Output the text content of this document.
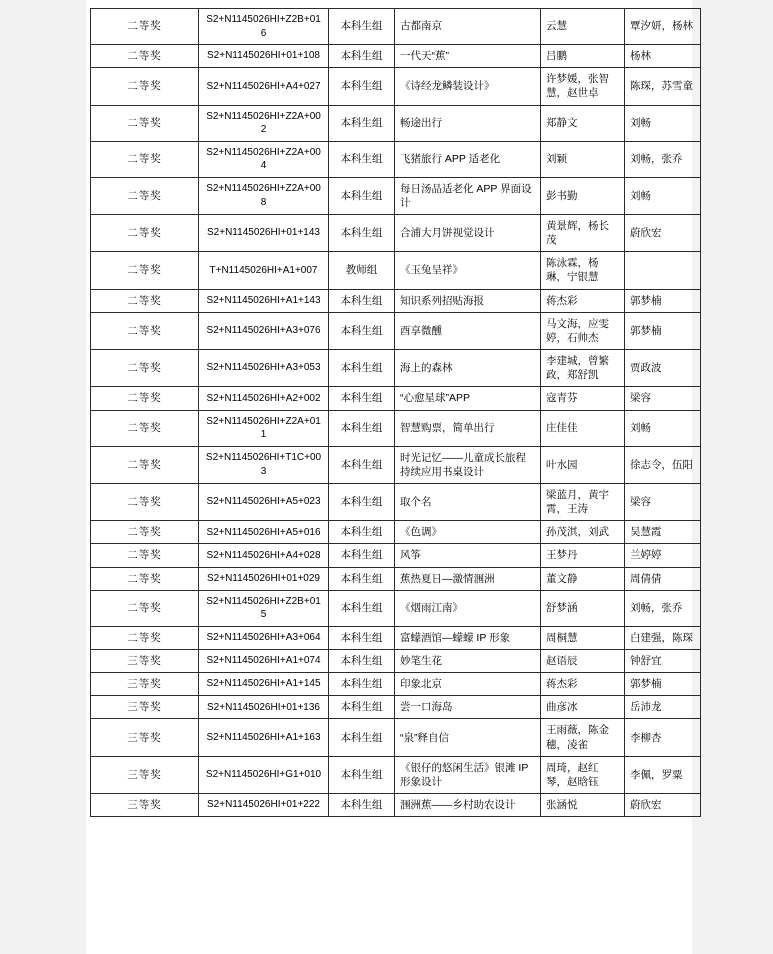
二等奖	S2+N1145026HI+Z2B+016	本科生组	古都南京	云慧	覃汐妍，杨林
二等奖	S2+N1145026HI+01+108	本科生组	一代天“蕉”	吕鹏	杨林
二等奖	S2+N1145026HI+A4+027	本科生组	《诗经龙鳞装设计》	许梦媛，张智慧，赵世卓	陈琛，苏雪童
二等奖	S2+N1145026HI+Z2A+002	本科生组	畅途出行	郑静文	刘畅
二等奖	S2+N1145026HI+Z2A+004	本科生组	飞猪旅行 APP 适老化	刘颖	刘畅，张乔
二等奖	S2+N1145026HI+Z2A+008	本科生组	每日汤品适老化 APP 界面设计	彭书勤	刘畅
二等奖	S2+N1145026HI+01+143	本科生组	合浦大月饼视觉设计	黄景辉，杨长茂	蔚欣宏
二等奖	T+N1145026HI+A1+007	教师组	《玉兔呈祥》	陈泳霖，杨琳，宁银慧	
二等奖	S2+N1145026HI+A1+143	本科生组	知识系列招贴海报	蒋杰彩	郭梦楠
二等奖	S2+N1145026HI+A3+076	本科生组	酉享微醺	马文海，应雯婷，石帅杰	郭梦楠
二等奖	S2+N1145026HI+A3+053	本科生组	海上的森林	李建城，曾繁政，郑舒凯	贾政波
二等奖	S2+N1145026HI+A2+002	本科生组	“心愈星球”APP	寇青芬	梁容
二等奖	S2+N1145026HI+Z2A+011	本科生组	智慧购票，简单出行	庄佳佳	刘畅
二等奖	S2+N1145026HI+T1C+003	本科生组	时光记忆——儿童成长旅程持续应用书桌设计	叶水园	徐志令，伍阳
二等奖	S2+N1145026HI+A5+023	本科生组	取个名	梁蓝月，黄宇霄，王涛	梁容
二等奖	S2+N1145026HI+A5+016	本科生组	《色调》	孙茂淇，刘武	吴慧霞
二等奖	S2+N1145026HI+A4+028	本科生组	风筝	王梦丹	兰婷婷
二等奖	S2+N1145026HI+01+029	本科生组	蕉热夏日—激情涠洲	董文静	周倩倩
二等奖	S2+N1145026HI+Z2B+015	本科生组	《烟雨江南》	舒梦涵	刘畅，张乔
二等奖	S2+N1145026HI+A3+064	本科生组	富蠓酒馆—蠓蠓 IP 形象	周桐慧	白建强，陈琛
三等奖	S2+N1145026HI+A1+074	本科生组	妙笔生花	赵语辰	钟舒宜
三等奖	S2+N1145026HI+A1+145	本科生组	印象北京	蒋杰彩	郭梦楠
三等奖	S2+N1145026HI+01+136	本科生组	尝一口海岛	曲彦冰	岳沛龙
三等奖	S2+N1145026HI+A1+163	本科生组	“泉”释自信	王雨薇，陈金穗，凌雀	李柳杏
三等奖	S2+N1145026HI+G1+010	本科生组	《银仔的悠闲生活》银滩 IP 形象设计	周琦，赵红琴，赵晗钰	李佩，罗粟
三等奖	S2+N1145026HI+01+222	本科生组	涠洲蕉——乡村助农设计	张涵悦	蔚欣宏
